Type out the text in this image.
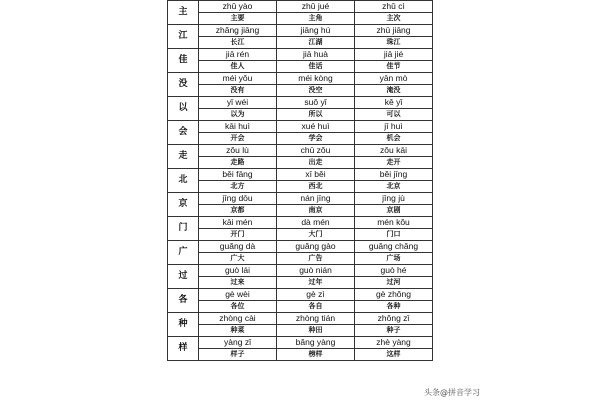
主	zhǔ yào	zhǔ jué	zhǔ cì
	主要	主角	主次
江	zhǎng jiāng	jiāng hú	zhū jiāng
	长江	江湖	珠江
佳	jiā rén	jiā huà	jiā jié
	佳人	佳话	佳节
没	méi yǒu	méi kòng	yān mò
	没有	没空	淹没
以	yǐ wéi	suǒ yǐ	kě yǐ
	以为	所以	可以
会	kāi huì	xué huì	jī huì
	开会	学会	机会
走	zǒu lù	chū zǒu	zǒu kāi
	走路	出走	走开
北	běi fāng	xī běi	běi jīng
	北方	西北	北京
京	jīng dōu	nán jīng	jīng jù
	京都	南京	京剧
门	kāi mén	dà mén	mén kǒu
	开门	大门	门口
广	guǎng dà	guǎng gào	guǎng chǎng
	广大	广告	广场
过	guò lái	guò nián	guò hé
	过来	过年	过河
各	gè wèi	gè zì	gè zhǒng
	各位	各自	各种
种	zhòng cài	zhòng tián	zhǒng zǐ
	种菜	种田	种子
样	yàng zǐ	bǎng yàng	zhè yàng
	样子	榜样	这样
头条@拼音学习
